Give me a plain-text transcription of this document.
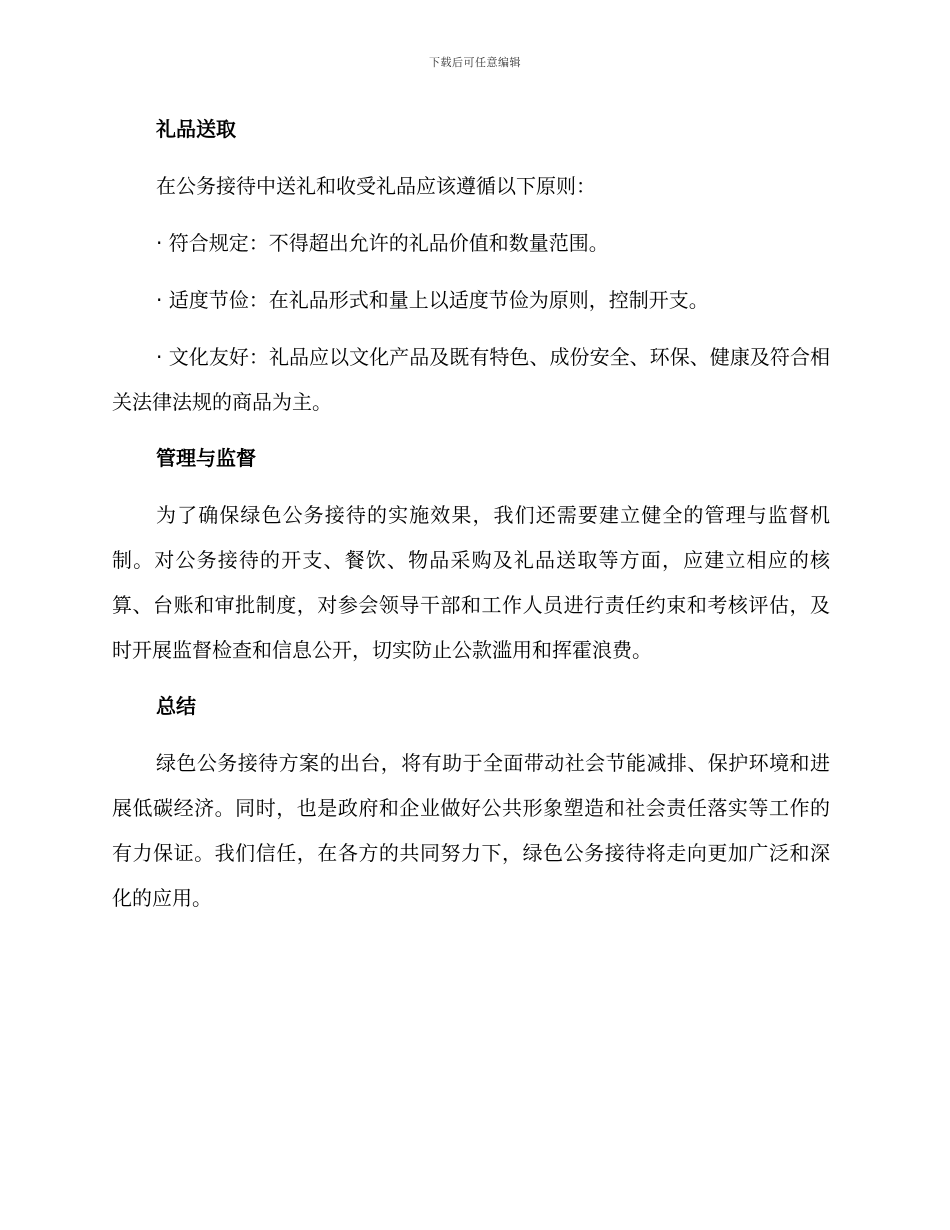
下载后可任意编辑
礼品送取

在公务接待中送礼和收受礼品应该遵循以下原则：

· 符合规定：不得超出允许的礼品价值和数量范围。

· 适度节俭：在礼品形式和量上以适度节俭为原则，控制开支。

· 文化友好：礼品应以文化产品及既有特色、成份安全、环保、健康及符合相关法律法规的商品为主。

管理与监督

为了确保绿色公务接待的实施效果，我们还需要建立健全的管理与监督机制。对公务接待的开支、餐饮、物品采购及礼品送取等方面，应建立相应的核算、台账和审批制度，对参会领导干部和工作人员进行责任约束和考核评估，及时开展监督检查和信息公开，切实防止公款滥用和挥霍浪费。

总结

绿色公务接待方案的出台，将有助于全面带动社会节能减排、保护环境和进展低碳经济。同时，也是政府和企业做好公共形象塑造和社会责任落实等工作的有力保证。我们信任，在各方的共同努力下，绿色公务接待将走向更加广泛和深化的应用。
